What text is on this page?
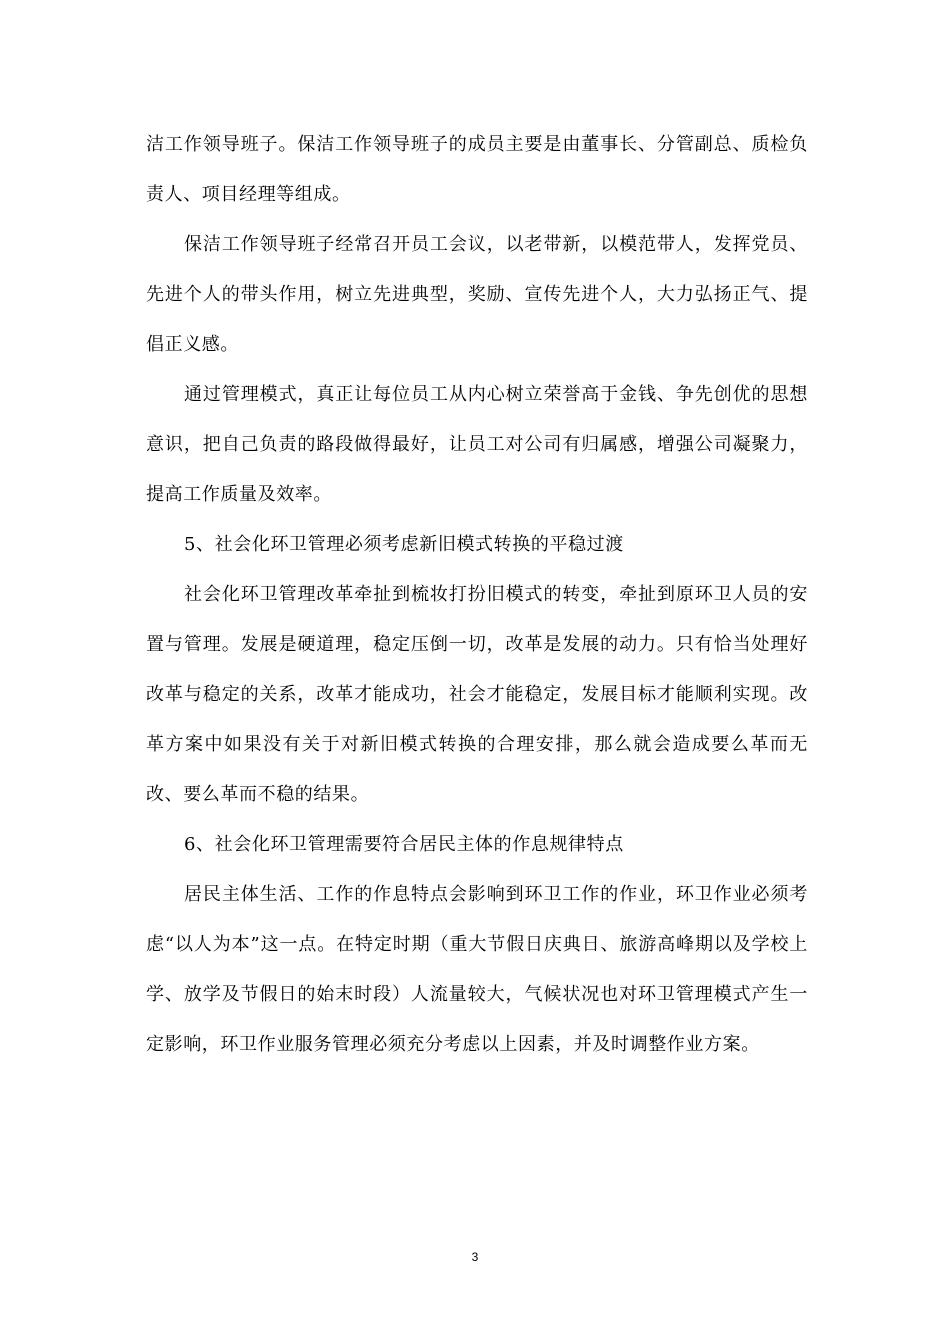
洁工作领导班子。保洁工作领导班子的成员主要是由董事长、分管副总、质检负责人、项目经理等组成。

保洁工作领导班子经常召开员工会议，以老带新，以模范带人，发挥党员、先进个人的带头作用，树立先进典型，奖励、宣传先进个人，大力弘扬正气、提倡正义感。

通过管理模式，真正让每位员工从内心树立荣誉高于金钱、争先创优的思想意识，把自己负责的路段做得最好，让员工对公司有归属感，增强公司凝聚力，提高工作质量及效率。

5、社会化环卫管理必须考虑新旧模式转换的平稳过渡

社会化环卫管理改革牵扯到梳妆打扮旧模式的转变，牵扯到原环卫人员的安置与管理。发展是硬道理，稳定压倒一切，改革是发展的动力。只有恰当处理好改革与稳定的关系，改革才能成功，社会才能稳定，发展目标才能顺利实现。改革方案中如果没有关于对新旧模式转换的合理安排，那么就会造成要么革而无改、要么革而不稳的结果。

6、社会化环卫管理需要符合居民主体的作息规律特点

居民主体生活、工作的作息特点会影响到环卫工作的作业，环卫作业必须考虑“以人为本”这一点。在特定时期（重大节假日庆典日、旅游高峰期以及学校上学、放学及节假日的始末时段）人流量较大，气候状况也对环卫管理模式产生一定影响，环卫作业服务管理必须充分考虑以上因素，并及时调整作业方案。

3
